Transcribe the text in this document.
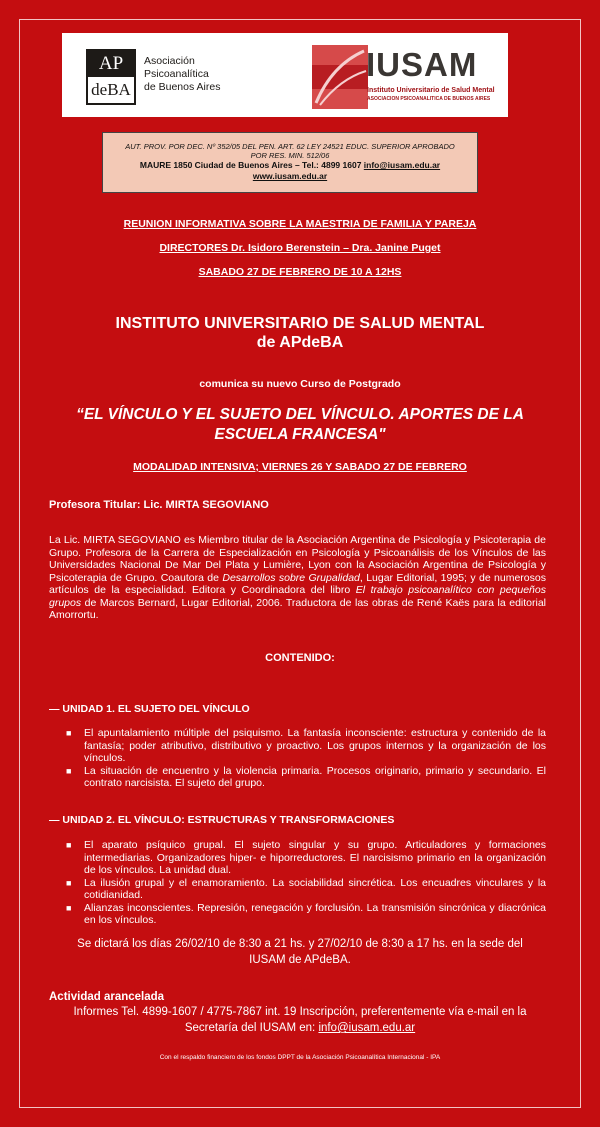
AP
deBA
Asociación
Psicoanalítica
de Buenos Aires
IUSAM
Instituto Universitario de Salud Mental
ASOCIACION PSICOANALITICA DE BUENOS AIRES
AUT. PROV. POR DEC. Nº 352/05 DEL PEN. ART. 62 LEY 24521 EDUC. SUPERIOR APROBADO
POR RES. MIN. 512/06
MAURE 1850 Ciudad de Buenos Aires – Tel.: 4899 1607 info@iusam.edu.ar
www.iusam.edu.ar
REUNION INFORMATIVA SOBRE LA MAESTRIA DE FAMILIA Y PAREJA
DIRECTORES Dr. Isidoro Berenstein – Dra. Janine Puget
SABADO 27 DE FEBRERO DE 10 A 12HS
INSTITUTO UNIVERSITARIO DE SALUD MENTAL
de APdeBA
comunica su nuevo Curso de Postgrado
“EL VÍNCULO Y EL SUJETO DEL VÍNCULO. APORTES DE LA
ESCUELA FRANCESA"
MODALIDAD INTENSIVA; VIERNES 26 Y SABADO 27 DE FEBRERO
Profesora Titular: Lic. MIRTA SEGOVIANO
La Lic. MIRTA SEGOVIANO es Miembro titular de la Asociación Argentina de Psicología y Psicoterapia de Grupo. Profesora de la Carrera de Especialización en Psicología y Psicoanálisis de los Vínculos de las Universidades Nacional De Mar Del Plata y Lumière, Lyon con la Asociación Argentina de Psicología y Psicoterapia de Grupo. Coautora de Desarrollos sobre Grupalidad, Lugar Editorial, 1995; y de numerosos artículos de la especialidad. Editora y Coordinadora del libro El trabajo psicoanalítico con pequeños grupos de Marcos Bernard, Lugar Editorial, 2006. Traductora de las obras de René Kaës para la editorial Amorrortu.
CONTENIDO:
— UNIDAD 1. EL SUJETO DEL VÍNCULO
■ El apuntalamiento múltiple del psiquismo. La fantasía inconsciente: estructura y contenido de la fantasía; poder atributivo, distributivo y proactivo. Los grupos internos y la organización de los vínculos.
■ La situación de encuentro y la violencia primaria. Procesos originario, primario y secundario. El contrato narcisista. El sujeto del grupo.
— UNIDAD 2. EL VÍNCULO: ESTRUCTURAS Y TRANSFORMACIONES
■ El aparato psíquico grupal. El sujeto singular y su grupo. Articuladores y formaciones intermediarias. Organizadores hiper- e hiporreductores. El narcisismo primario en la organización de los vínculos. La unidad dual.
■ La ilusión grupal y el enamoramiento. La sociabilidad sincrética. Los encuadres vinculares y la cotidianidad.
■ Alianzas inconscientes. Represión, renegación y forclusión. La transmisión sincrónica y diacrónica en los vínculos.
Se dictará los días 26/02/10 de 8:30 a 21 hs. y 27/02/10 de 8:30 a 17 hs. en la sede del
IUSAM de APdeBA.
Actividad arancelada
Informes Tel. 4899-1607 / 4775-7867 int. 19 Inscripción, preferentemente vía e-mail en la
Secretaría del IUSAM en: info@iusam.edu.ar
Con el respaldo financiero de los fondos DPPT de la Asociación Psicoanalítica Internacional - IPA
